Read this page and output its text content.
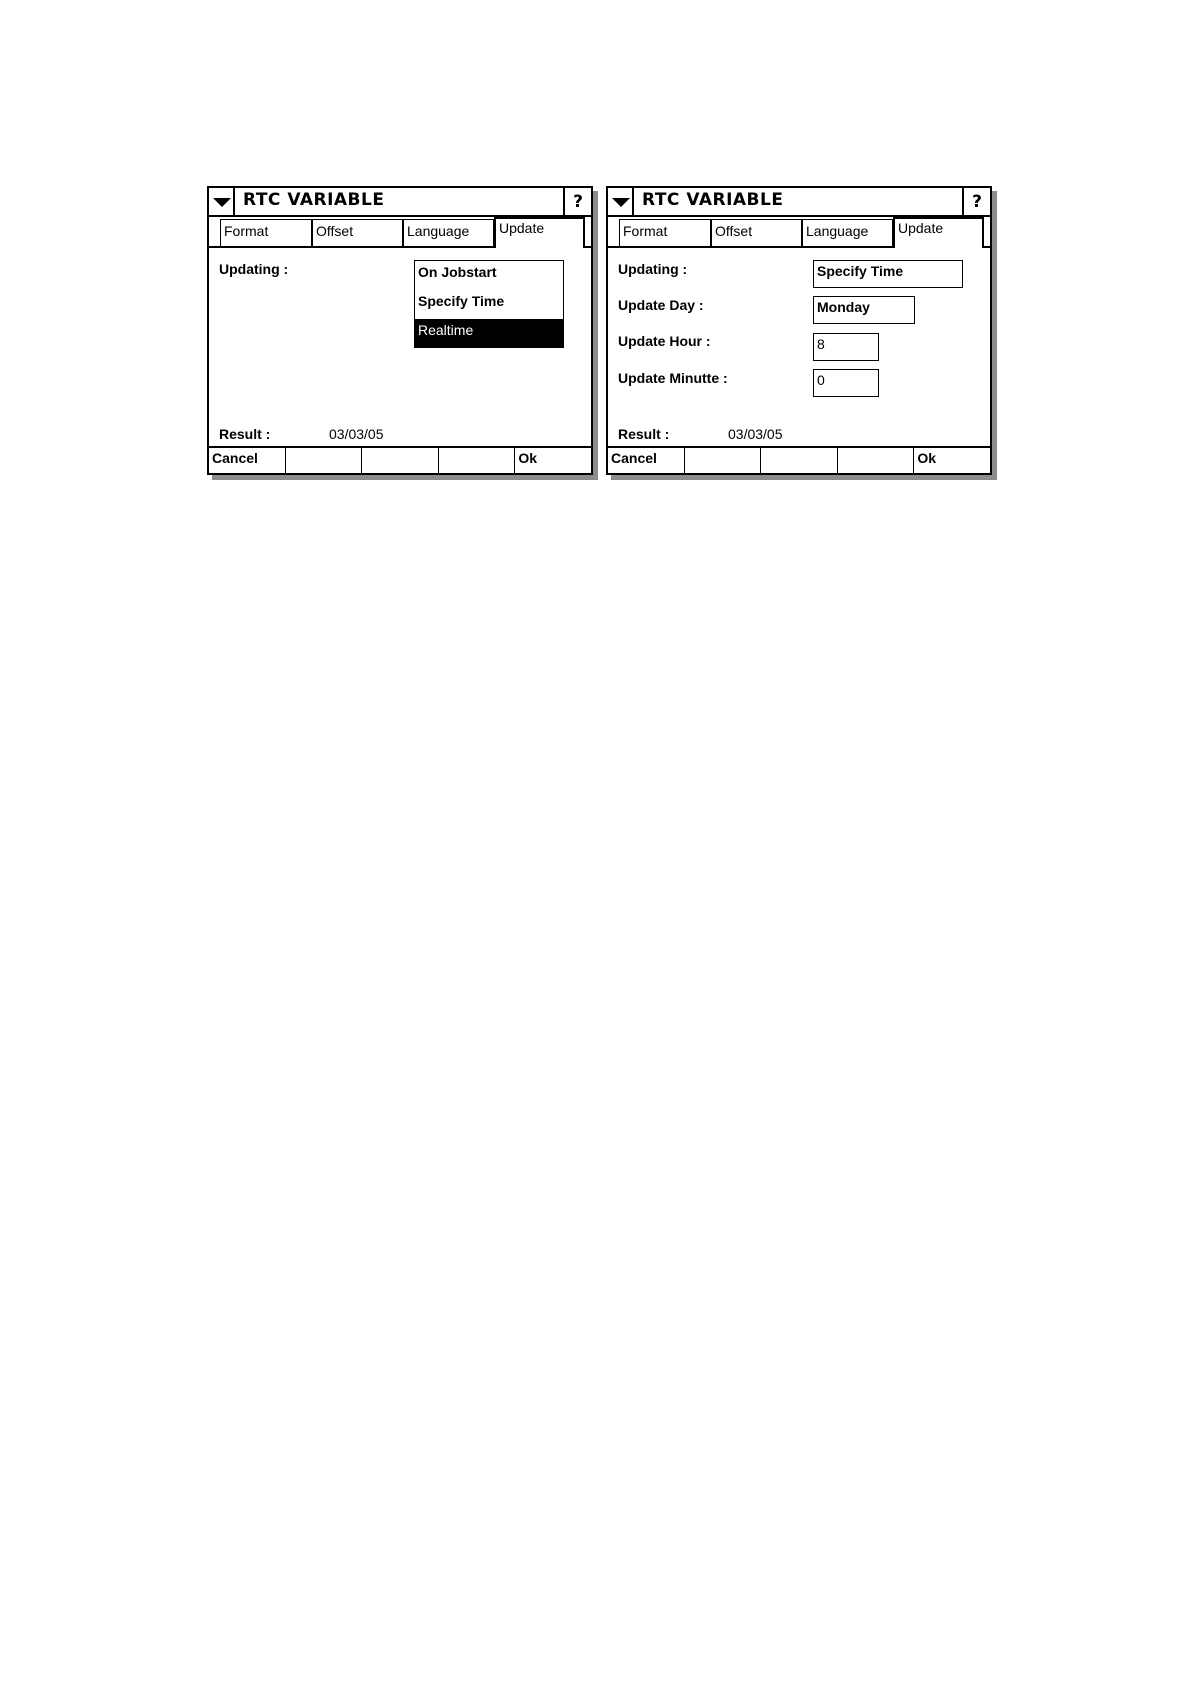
RTC VARIABLE	?
Format	Offset	Language	Update
Updating :	On Jobstart
Specify Time
Realtime
Result :	03/03/05
Cancel	Ok
RTC VARIABLE	?
Format	Offset	Language	Update
Updating :	Specify Time
Update Day :	Monday
Update Hour :	8
Update Minutte :	0
Result :	03/03/05
Cancel	Ok
